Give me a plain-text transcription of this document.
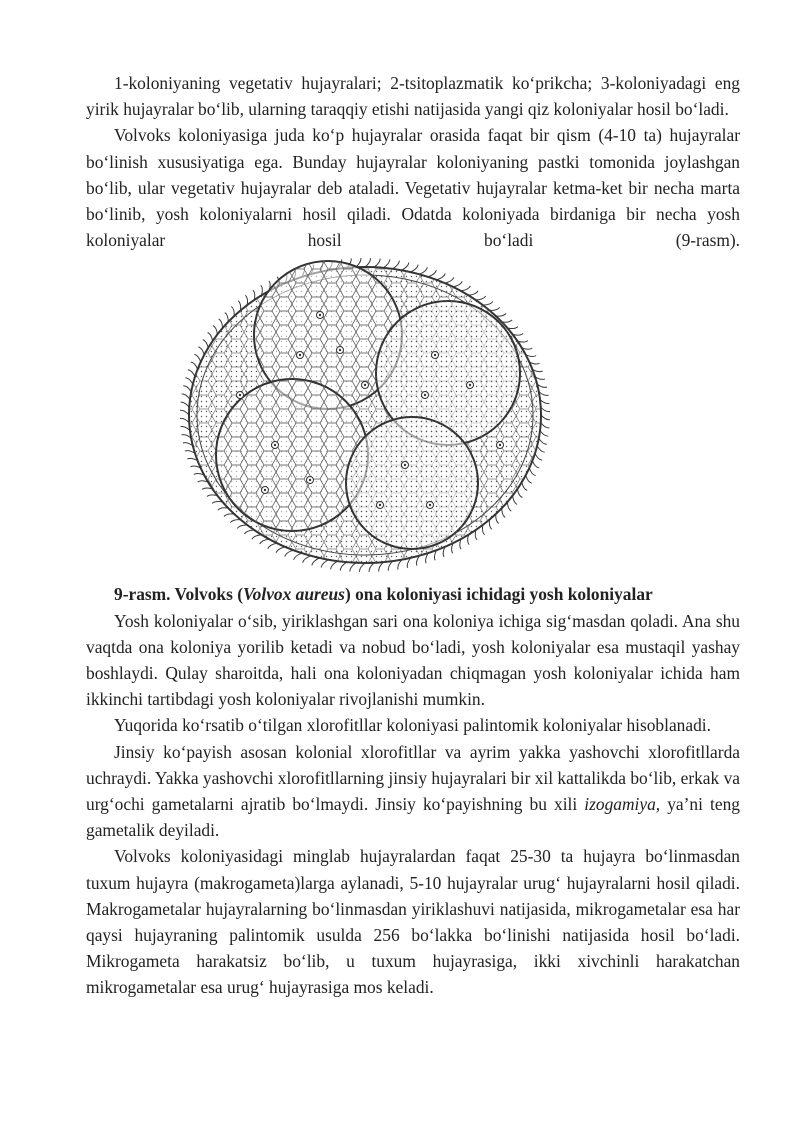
1-koloniyaning vegetativ hujayralari; 2-tsitoplazmatik ko‘prikcha; 3-koloniyadagi eng yirik hujayralar bo‘lib, ularning taraqqiy etishi natijasida yangi qiz koloniyalar hosil bo‘ladi.

Volvoks koloniyasiga juda ko‘p hujayralar orasida faqat bir qism (4-10 ta) hujayralar bo‘linish xususiyatiga ega. Bunday hujayralar koloniyaning pastki tomonida joylashgan bo‘lib, ular vegetativ hujayralar deb ataladi. Vegetativ hujayralar ketma-ket bir necha marta bo‘linib, yosh koloniyalarni hosil qiladi. Odatda koloniyada birdaniga bir necha yosh koloniyalar hosil bo‘ladi (9-rasm).

9-rasm. Volvoks (Volvox aureus) ona koloniyasi ichidagi yosh koloniyalar

Yosh koloniyalar o‘sib, yiriklashgan sari ona koloniya ichiga sig‘masdan qoladi. Ana shu vaqtda ona koloniya yorilib ketadi va nobud bo‘ladi, yosh koloniyalar esa mustaqil yashay boshlaydi. Qulay sharoitda, hali ona koloniyadan chiqmagan yosh koloniyalar ichida ham ikkinchi tartibdagi yosh koloniyalar rivojlanishi mumkin.

Yuqorida ko‘rsatib o‘tilgan xlorofitllar koloniyasi palintomik koloniyalar hisoblanadi.

Jinsiy ko‘payish asosan kolonial xlorofitllar va ayrim yakka yashovchi xlorofitllarda uchraydi. Yakka yashovchi xlorofitllarning jinsiy hujayralari bir xil kattalikda bo‘lib, erkak va urg‘ochi gametalarni ajratib bo‘lmaydi. Jinsiy ko‘payishning bu xili izogamiya, ya’ni teng gametalik deyiladi.

Volvoks koloniyasidagi minglab hujayralardan faqat 25-30 ta hujayra bo‘linmasdan tuxum hujayra (makrogameta)larga aylanadi, 5-10 hujayralar urug‘ hujayralarni hosil qiladi. Makrogametalar hujayralarning bo‘linmasdan yiriklashuvi natijasida, mikrogametalar esa har qaysi hujayraning palintomik usulda 256 bo‘lakka bo‘linishi natijasida hosil bo‘ladi. Mikrogameta harakatsiz bo‘lib, u tuxum hujayrasiga, ikki xivchinli harakatchan mikrogametalar esa urug‘ hujayrasiga mos keladi.
